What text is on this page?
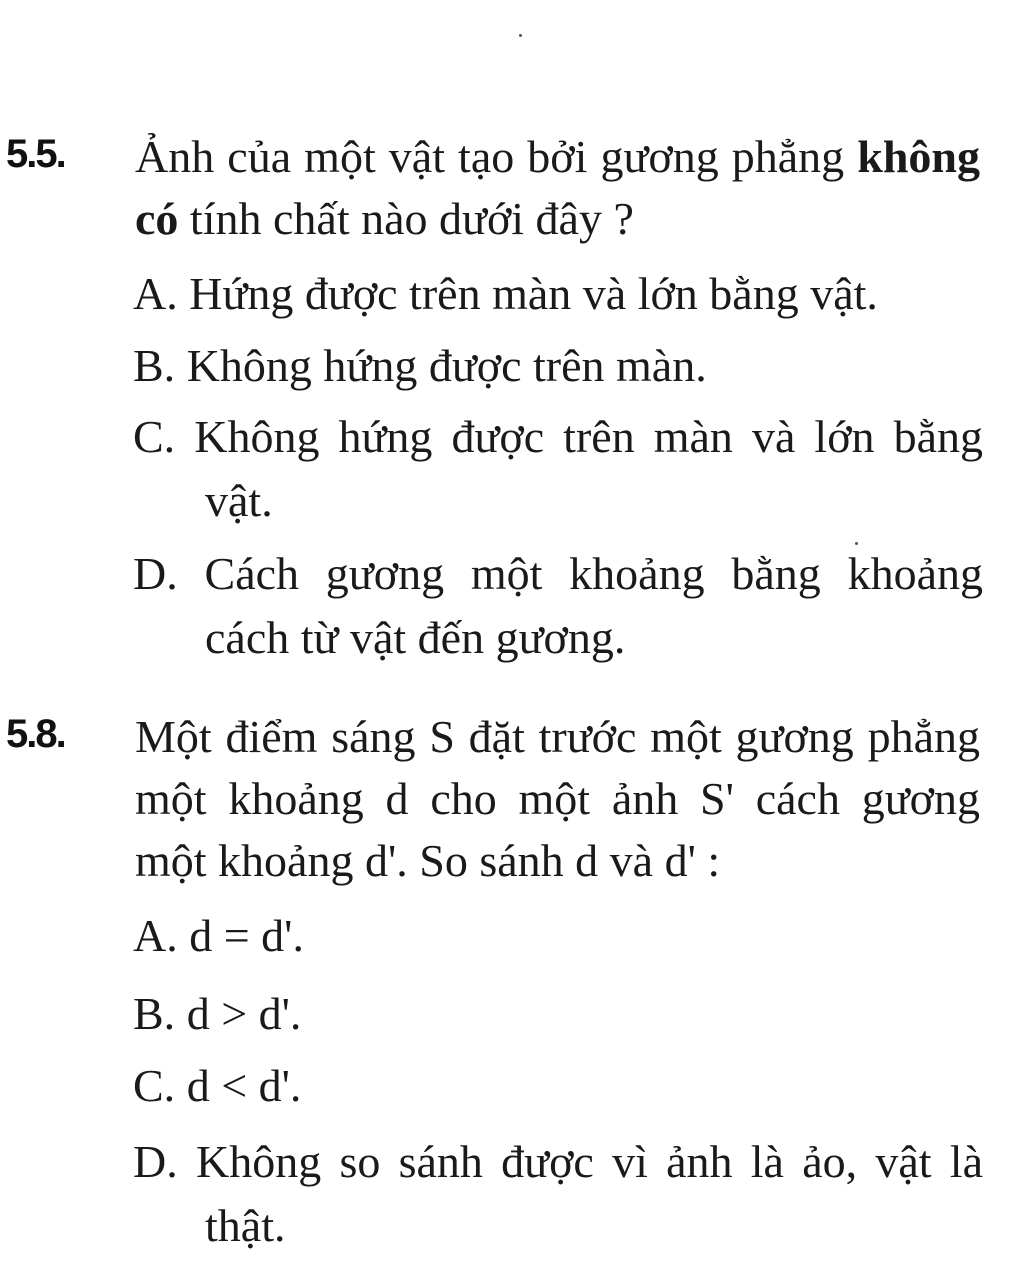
5.5. Ảnh của một vật tạo bởi gương phẳng không có tính chất nào dưới đây ?
A. Hứng được trên màn và lớn bằng vật.
B. Không hứng được trên màn.
C. Không hứng được trên màn và lớn bằng vật.
D. Cách gương một khoảng bằng khoảng cách từ vật đến gương.
5.8. Một điểm sáng S đặt trước một gương phẳng một khoảng d cho một ảnh S' cách gương một khoảng d'. So sánh d và d' :
A. d = d'.
B. d > d'.
C. d < d'.
D. Không so sánh được vì ảnh là ảo, vật là thật.
